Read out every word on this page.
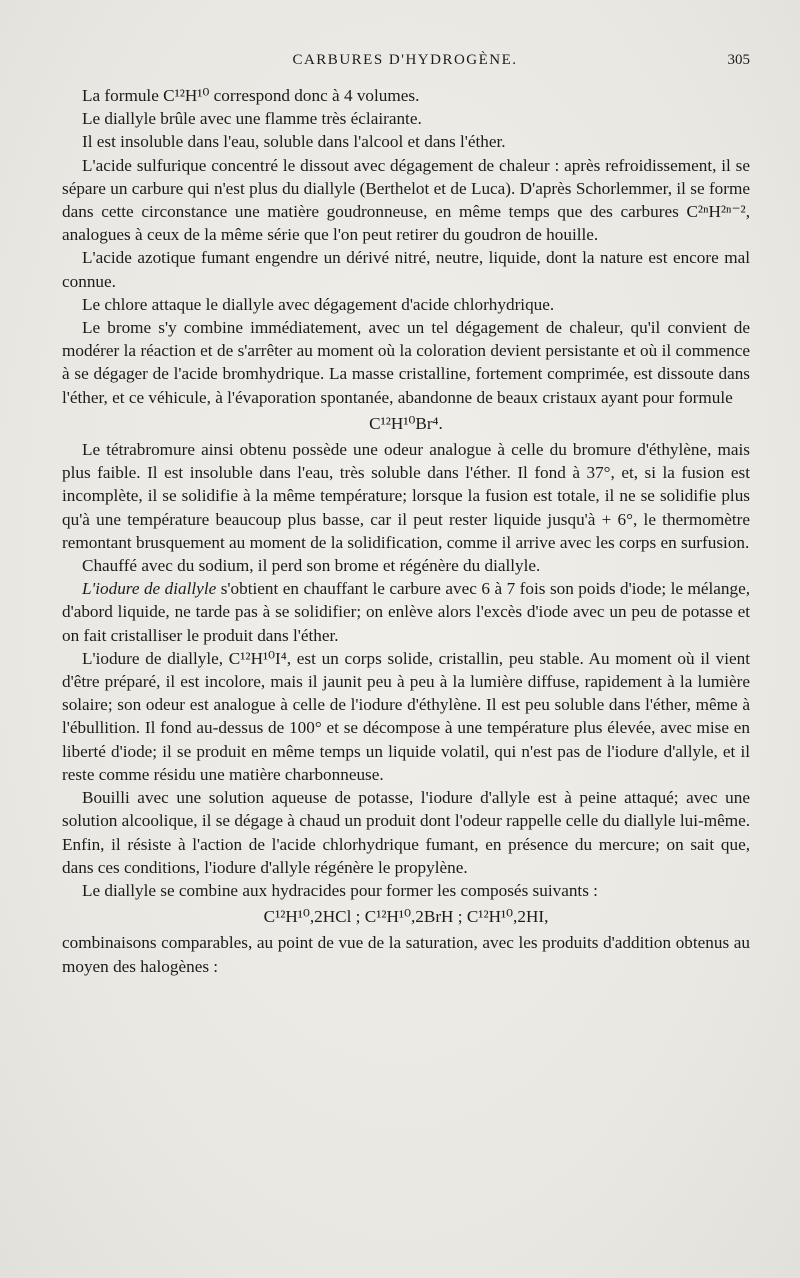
CARBURES D'HYDROGÈNE.	305

La formule C¹²H¹⁰ correspond donc à 4 volumes.

Le diallyle brûle avec une flamme très éclairante.

Il est insoluble dans l'eau, soluble dans l'alcool et dans l'éther.

L'acide sulfurique concentré le dissout avec dégagement de chaleur : après refroidissement, il se sépare un carbure qui n'est plus du diallyle (Berthelot et de Luca). D'après Schorlemmer, il se forme dans cette circonstance une matière goudronneuse, en même temps que des carbures C²ⁿH²ⁿ⁻², analogues à ceux de la même série que l'on peut retirer du goudron de houille.

L'acide azotique fumant engendre un dérivé nitré, neutre, liquide, dont la nature est encore mal connue.

Le chlore attaque le diallyle avec dégagement d'acide chlorhydrique.

Le brome s'y combine immédiatement, avec un tel dégagement de chaleur, qu'il convient de modérer la réaction et de s'arrêter au moment où la coloration devient persistante et où il commence à se dégager de l'acide bromhydrique. La masse cristalline, fortement comprimée, est dissoute dans l'éther, et ce véhicule, à l'évaporation spontanée, abandonne de beaux cristaux ayant pour formule

C¹²H¹⁰Br⁴.

Le tétrabromure ainsi obtenu possède une odeur analogue à celle du bromure d'éthylène, mais plus faible. Il est insoluble dans l'eau, très soluble dans l'éther. Il fond à 37°, et, si la fusion est incomplète, il se solidifie à la même température; lorsque la fusion est totale, il ne se solidifie plus qu'à une température beaucoup plus basse, car il peut rester liquide jusqu'à + 6°, le thermomètre remontant brusquement au moment de la solidification, comme il arrive avec les corps en surfusion.

Chauffé avec du sodium, il perd son brome et régénère du diallyle.

L'iodure de diallyle s'obtient en chauffant le carbure avec 6 à 7 fois son poids d'iode; le mélange, d'abord liquide, ne tarde pas à se solidifier; on enlève alors l'excès d'iode avec un peu de potasse et on fait cristalliser le produit dans l'éther.

L'iodure de diallyle, C¹²H¹⁰I⁴, est un corps solide, cristallin, peu stable. Au moment où il vient d'être préparé, il est incolore, mais il jaunit peu à peu à la lumière diffuse, rapidement à la lumière solaire; son odeur est analogue à celle de l'iodure d'éthylène. Il est peu soluble dans l'éther, même à l'ébullition. Il fond au-dessus de 100° et se décompose à une température plus élevée, avec mise en liberté d'iode; il se produit en même temps un liquide volatil, qui n'est pas de l'iodure d'allyle, et il reste comme résidu une matière charbonneuse.

Bouilli avec une solution aqueuse de potasse, l'iodure d'allyle est à peine attaqué; avec une solution alcoolique, il se dégage à chaud un produit dont l'odeur rappelle celle du diallyle lui-même. Enfin, il résiste à l'action de l'acide chlorhydrique fumant, en présence du mercure; on sait que, dans ces conditions, l'iodure d'allyle régénère le propylène.

Le diallyle se combine aux hydracides pour former les composés suivants :

C¹²H¹⁰,2HCl ; C¹²H¹⁰,2BrH ; C¹²H¹⁰,2HI,

combinaisons comparables, au point de vue de la saturation, avec les produits d'addition obtenus au moyen des halogènes :
